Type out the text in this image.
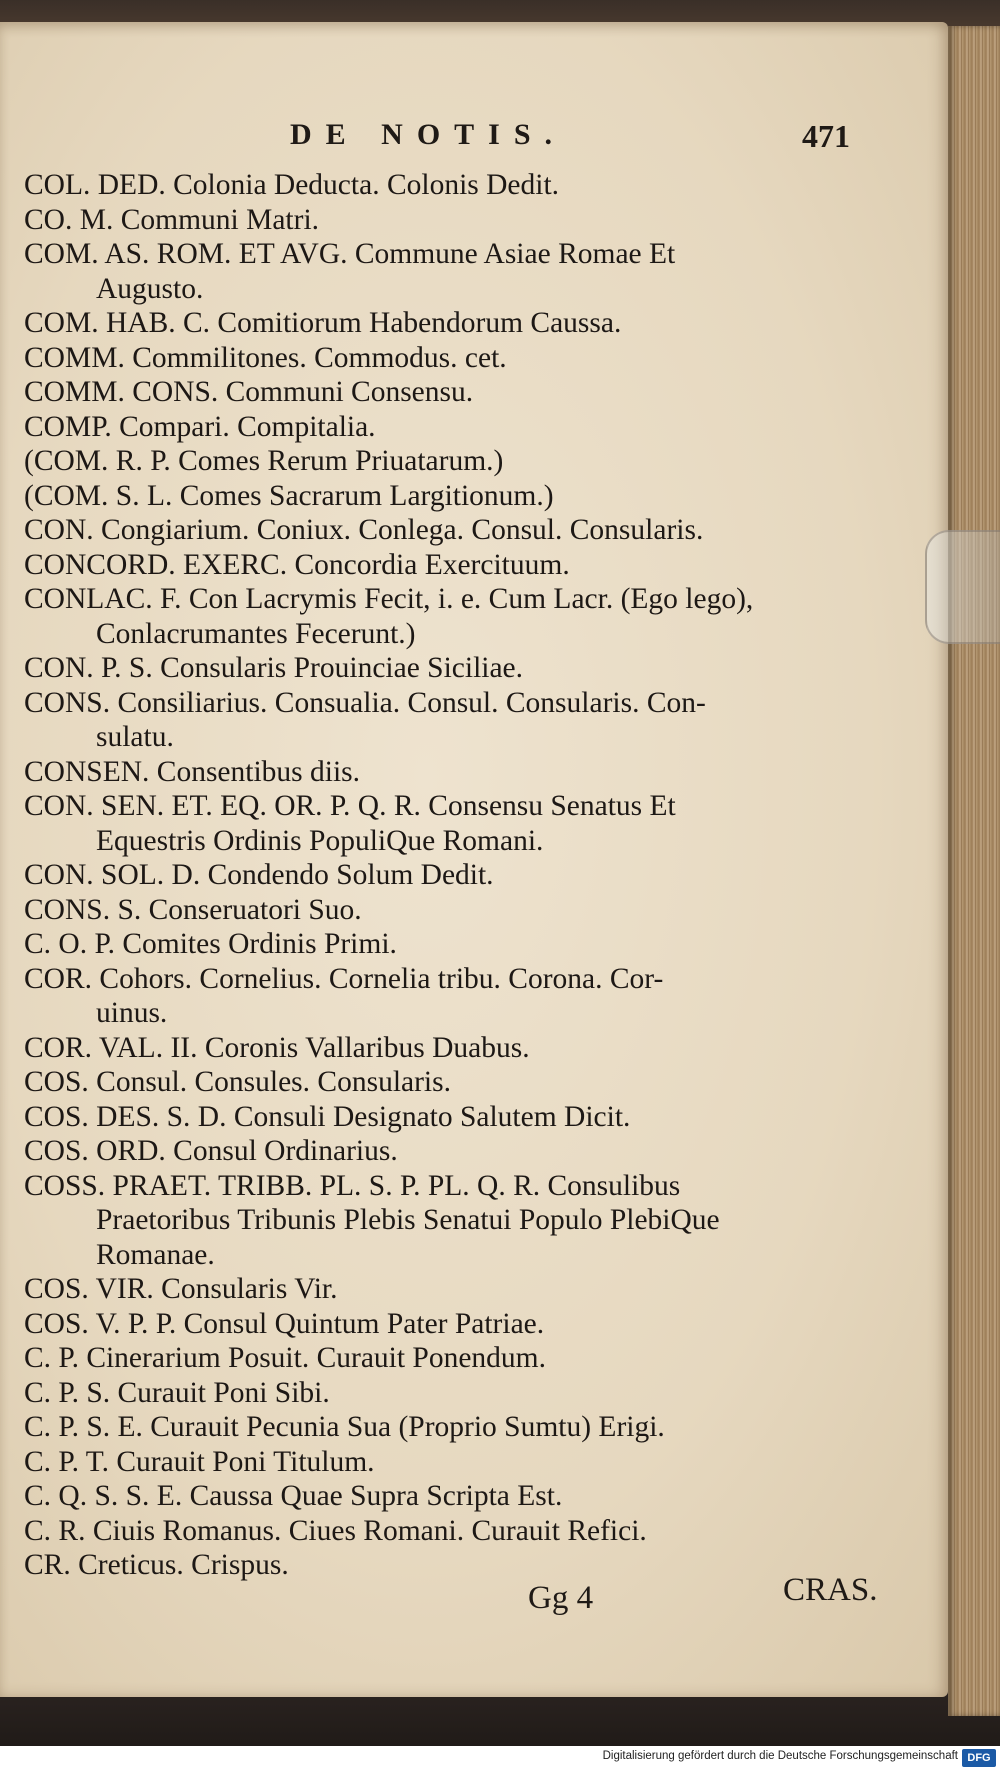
DE NOTIS.	471
COL. DED. Colonia Deducta. Colonis Dedit.
CO. M. Communi Matri.
COM. AS. ROM. ET AVG. Commune Asiae Romae Et
Augusto.
COM. HAB. C. Comitiorum Habendorum Caussa.
COMM. Commilitones. Commodus. cet.
COMM. CONS. Communi Consensu.
COMP. Compari. Compitalia.
(COM. R. P. Comes Rerum Priuatarum.)
(COM. S. L. Comes Sacrarum Largitionum.)
CON. Congiarium. Coniux. Conlega. Consul. Consularis.
CONCORD. EXERC. Concordia Exercituum.
CONLAC. F. Con Lacrymis Fecit, i. e. Cum Lacr. (Ego lego),
Conlacrumantes Fecerunt.)
CON. P. S. Consularis Prouinciae Siciliae.
CONS. Consiliarius. Consualia. Consul. Consularis. Con-
sulatu.
CONSEN. Consentibus diis.
CON. SEN. ET. EQ. OR. P. Q. R. Consensu Senatus Et
Equestris Ordinis PopuliQue Romani.
CON. SOL. D. Condendo Solum Dedit.
CONS. S. Conseruatori Suo.
C. O. P. Comites Ordinis Primi.
COR. Cohors. Cornelius. Cornelia tribu. Corona. Cor-
uinus.
COR. VAL. II. Coronis Vallaribus Duabus.
COS. Consul. Consules. Consularis.
COS. DES. S. D. Consuli Designato Salutem Dicit.
COS. ORD. Consul Ordinarius.
COSS. PRAET. TRIBB. PL. S. P. PL. Q. R. Consulibus
Praetoribus Tribunis Plebis Senatui Populo PlebiQue
Romanae.
COS. VIR. Consularis Vir.
COS. V. P. P. Consul Quintum Pater Patriae.
C. P. Cinerarium Posuit. Curauit Ponendum.
C. P. S. Curauit Poni Sibi.
C. P. S. E. Curauit Pecunia Sua (Proprio Sumtu) Erigi.
C. P. T. Curauit Poni Titulum.
C. Q. S. S. E. Caussa Quae Supra Scripta Est.
C. R. Ciuis Romanus. Ciues Romani. Curauit Refici.
CR. Creticus. Crispus.
Gg 4	CRAS.
Digitalisierung gefördert durch die Deutsche Forschungsgemeinschaft DFG
